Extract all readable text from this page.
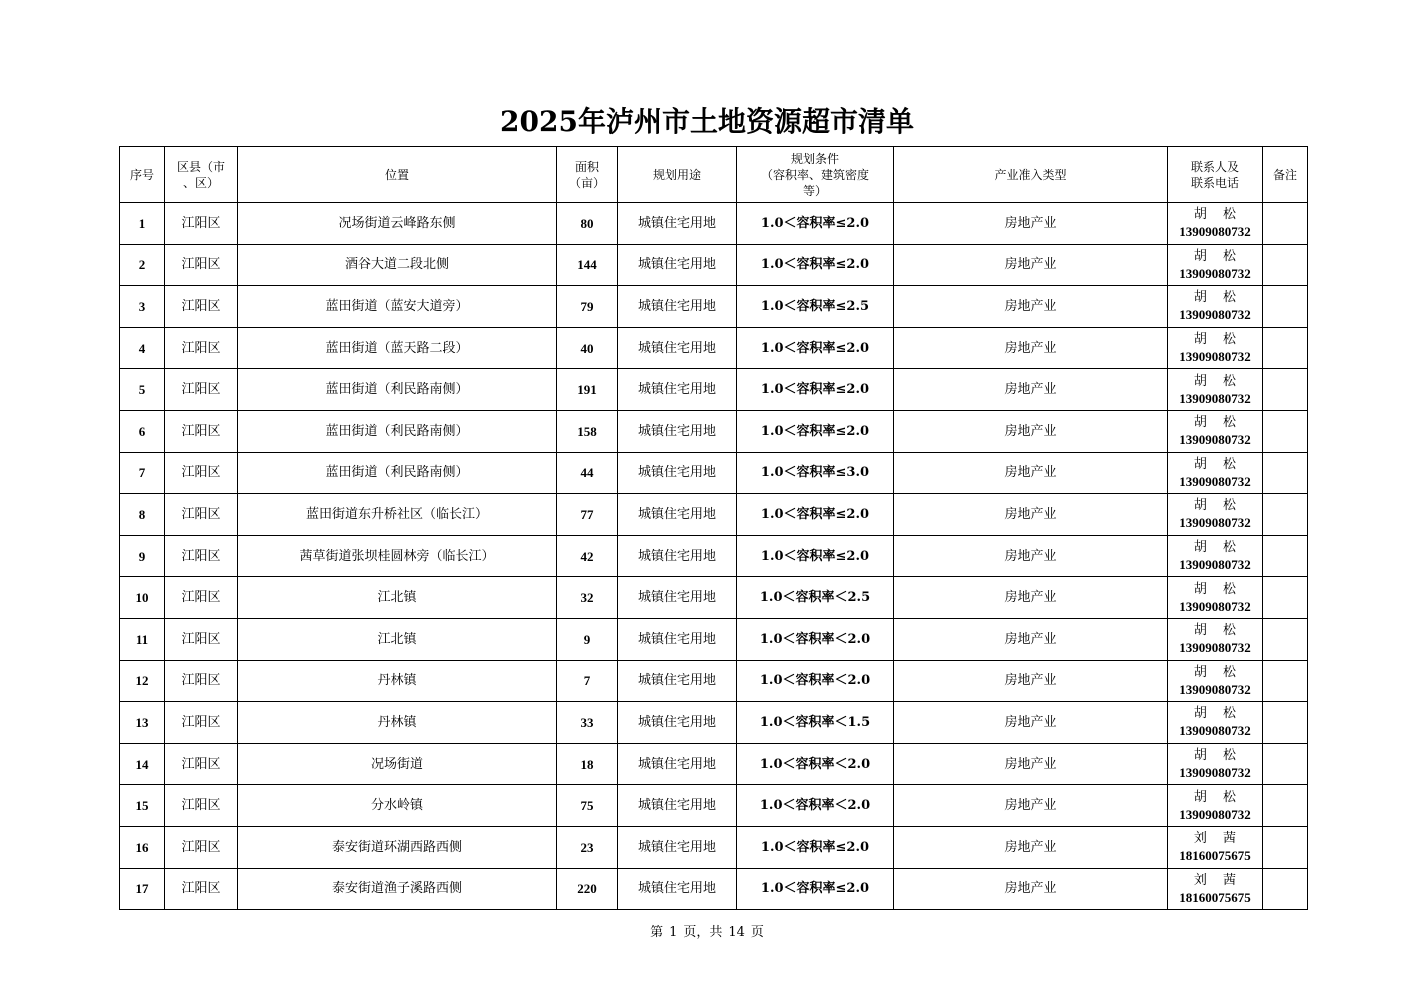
2025年泸州市土地资源超市清单
序号	区县（市
、区）	位置	面积
（亩）	规划用途	规划条件
（容积率、建筑密度
等）	产业准入类型	联系人及
联系电话	备注

1	江阳区	况场街道云峰路东侧	80	城镇住宅用地	1.0＜容积率≤2.0	房地产业	胡 松
13909080732	

2	江阳区	酒谷大道二段北侧	144	城镇住宅用地	1.0＜容积率≤2.0	房地产业	胡 松
13909080732	

3	江阳区	蓝田街道（蓝安大道旁）	79	城镇住宅用地	1.0＜容积率≤2.5	房地产业	胡 松
13909080732	

4	江阳区	蓝田街道（蓝天路二段）	40	城镇住宅用地	1.0＜容积率≤2.0	房地产业	胡 松
13909080732	

5	江阳区	蓝田街道（利民路南侧）	191	城镇住宅用地	1.0＜容积率≤2.0	房地产业	胡 松
13909080732	

6	江阳区	蓝田街道（利民路南侧）	158	城镇住宅用地	1.0＜容积率≤2.0	房地产业	胡 松
13909080732	

7	江阳区	蓝田街道（利民路南侧）	44	城镇住宅用地	1.0＜容积率≤3.0	房地产业	胡 松
13909080732	

8	江阳区	蓝田街道东升桥社区（临长江）	77	城镇住宅用地	1.0＜容积率≤2.0	房地产业	胡 松
13909080732	

9	江阳区	茜草街道张坝桂圆林旁（临长江）	42	城镇住宅用地	1.0＜容积率≤2.0	房地产业	胡 松
13909080732	

10	江阳区	江北镇	32	城镇住宅用地	1.0＜容积率＜2.5	房地产业	胡 松
13909080732	

11	江阳区	江北镇	9	城镇住宅用地	1.0＜容积率＜2.0	房地产业	胡 松
13909080732	

12	江阳区	丹林镇	7	城镇住宅用地	1.0＜容积率＜2.0	房地产业	胡 松
13909080732	

13	江阳区	丹林镇	33	城镇住宅用地	1.0＜容积率＜1.5	房地产业	胡 松
13909080732	

14	江阳区	况场街道	18	城镇住宅用地	1.0＜容积率＜2.0	房地产业	胡 松
13909080732	

15	江阳区	分水岭镇	75	城镇住宅用地	1.0＜容积率＜2.0	房地产业	胡 松
13909080732	

16	江阳区	泰安街道环湖西路西侧	23	城镇住宅用地	1.0＜容积率≤2.0	房地产业	刘 茜
18160075675	

17	江阳区	泰安街道渔子溪路西侧	220	城镇住宅用地	1.0＜容积率≤2.0	房地产业	刘 茜
18160075675	

第 1 页，共 14 页
